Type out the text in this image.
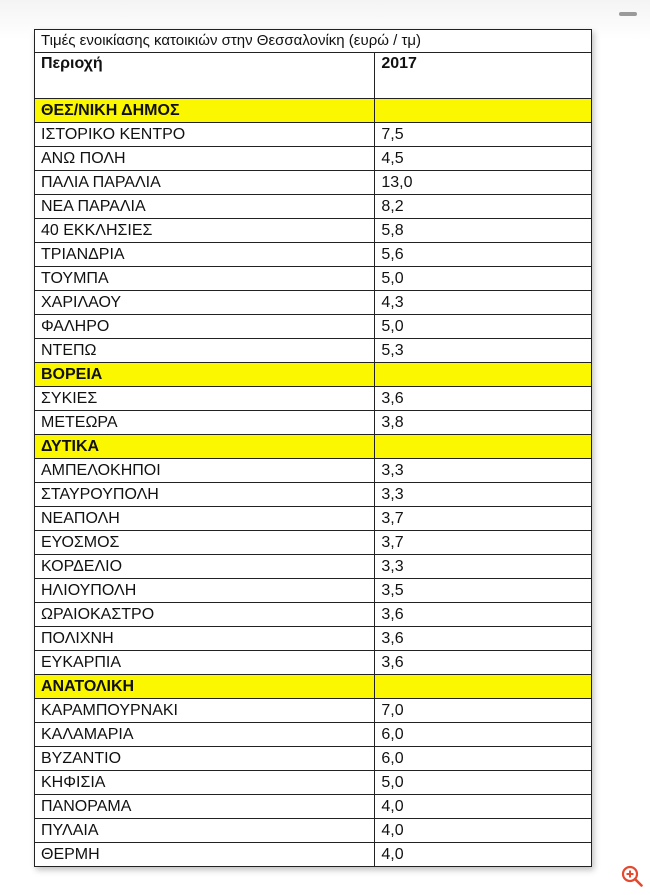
Τιμές ενοικίασης κατοικιών στην Θεσσαλονίκη (ευρώ / τμ)
Περιοχή	2017
ΘΕΣ/ΝΙΚΗ ΔΗΜΟΣ	
ΙΣΤΟΡΙΚΟ ΚΕΝΤΡΟ	7,5
ΑΝΩ ΠΟΛΗ	4,5
ΠΑΛΙΑ ΠΑΡΑΛΙΑ	13,0
ΝΕΑ ΠΑΡΑΛΙΑ	8,2
40 ΕΚΚΛΗΣΙΕΣ	5,8
ΤΡΙΑΝΔΡΙΑ	5,6
ΤΟΥΜΠΑ	5,0
ΧΑΡΙΛΑΟΥ	4,3
ΦΑΛΗΡΟ	5,0
ΝΤΕΠΩ	5,3
ΒΟΡΕΙΑ	
ΣΥΚΙΕΣ	3,6
ΜΕΤΕΩΡΑ	3,8
ΔΥΤΙΚΑ	
ΑΜΠΕΛΟΚΗΠΟΙ	3,3
ΣΤΑΥΡΟΥΠΟΛΗ	3,3
ΝΕΑΠΟΛΗ	3,7
ΕΥΟΣΜΟΣ	3,7
ΚΟΡΔΕΛΙΟ	3,3
ΗΛΙΟΥΠΟΛΗ	3,5
ΩΡΑΙΟΚΑΣΤΡΟ	3,6
ΠΟΛΙΧΝΗ	3,6
ΕΥΚΑΡΠΙΑ	3,6
ΑΝΑΤΟΛΙΚΗ	
ΚΑΡΑΜΠΟΥΡΝΑΚΙ	7,0
ΚΑΛΑΜΑΡΙΑ	6,0
ΒΥΖΑΝΤΙΟ	6,0
ΚΗΦΙΣΙΑ	5,0
ΠΑΝΟΡΑΜΑ	4,0
ΠΥΛΑΙΑ	4,0
ΘΕΡΜΗ	4,0
